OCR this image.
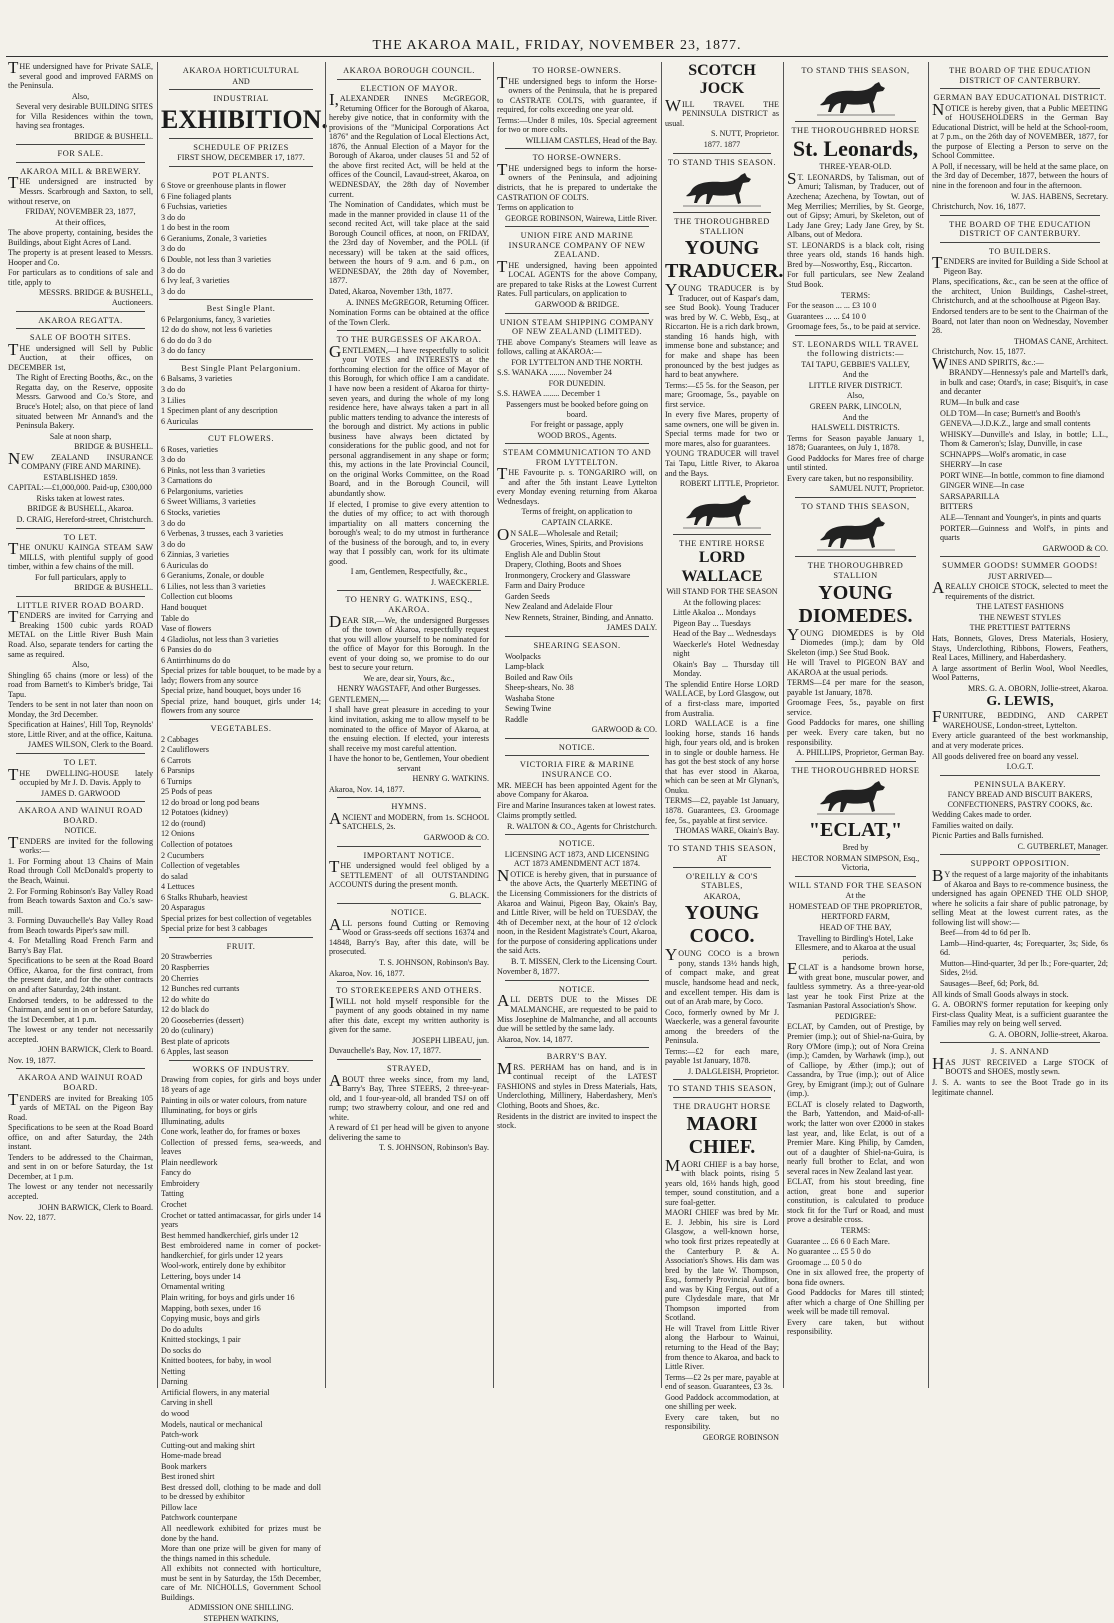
THE AKAROA MAIL, FRIDAY, NOVEMBER 23, 1877.

THE undersigned have for Private SALE, several good and improved FARMS on the Peninsula.

Also,

Several very desirable BUILDING SITES for Villa Residences within the town, having sea frontages.

BRIDGE & BUSHELL.

FOR SALE.

AKAROA MILL & BREWERY.

THE undersigned are instructed by Messrs. Scarbrough and Saxton, to sell, without reserve, on

FRIDAY, NOVEMBER 23, 1877,

At their offices,

The above property, containing, besides the Buildings, about Eight Acres of Land.

The property is at present leased to Messrs. Hooper and Co.

For particulars as to conditions of sale and title, apply to

MESSRS. BRIDGE & BUSHELL, Auctioneers.

AKAROA REGATTA.

SALE OF BOOTH SITES.

THE undersigned will Sell by Public Auction, at their offices, on DECEMBER 1st,

The Right of Erecting Booths, &c., on the Regatta day, on the Reserve, opposite Messrs. Garwood and Co.'s Store, and Bruce's Hotel; also, on that piece of land situated between Mr Annand's and the Peninsula Bakery.

Sale at noon sharp,

BRIDGE & BUSHELL.

NEW ZEALAND INSURANCE COMPANY (FIRE AND MARINE).

ESTABLISHED 1859.

CAPITAL:—£1,000,000. Paid-up, £300,000

Risks taken at lowest rates.

BRIDGE & BUSHELL, Akaroa.

D. CRAIG, Hereford-street, Christchurch.

TO LET.

THE ONUKU KAINGA STEAM SAW MILLS, with plentiful supply of good timber, within a few chains of the mill.

For full particulars, apply to

BRIDGE & BUSHELL.

LITTLE RIVER ROAD BOARD.

TENDERS are invited for Carrying and Breaking 1500 cubic yards ROAD METAL on the Little River Bush Main Road. Also, separate tenders for carting the same as required.

Also,

Shingling 65 chains (more or less) of the road from Barnett's to Kimber's bridge, Tai Tapu.

Tenders to be sent in not later than noon on Monday, the 3rd December.

Specification at Haines', Hill Top, Reynolds' store, Little River, and at the office, Kaituna.

JAMES WILSON, Clerk to the Board.

TO LET.

THE DWELLING-HOUSE lately occupied by Mr J. D. Davis. Apply to

JAMES D. GARWOOD

AKAROA AND WAINUI ROAD BOARD.

NOTICE.

TENDERS are invited for the following works:—

1. For Forming about 13 Chains of Main Road through Coll McDonald's property to the Beach, Wainui.

2. For Forming Robinson's Bay Valley Road from Beach towards Saxton and Co.'s saw-mill.

3. Forming Duvauchelle's Bay Valley Road from Beach towards Piper's saw mill.

4. For Metalling Road French Farm and Barry's Bay Flat.

Specifications to be seen at the Road Board Office, Akaroa, for the first contract, from the present date, and for the other contracts on and after Saturday, 24th instant.

Endorsed tenders, to be addressed to the Chairman, and sent in on or before Saturday, the 1st December, at 1 p.m.

The lowest or any tender not necessarily accepted.

JOHN BARWICK, Clerk to Board.

Nov. 19, 1877.

AKAROA AND WAINUI ROAD BOARD.

TENDERS are invited for Breaking 105 yards of METAL on the Pigeon Bay Road.

Specifications to be seen at the Road Board office, on and after Saturday, the 24th instant.

Tenders to be addressed to the Chairman, and sent in on or before Saturday, the 1st December, at 1 p.m.

The lowest or any tender not necessarily accepted.

JOHN BARWICK, Clerk to Board.

Nov. 22, 1877.

AKAROA HORTICULTURAL

AND

INDUSTRIAL

EXHIBITION.

SCHEDULE OF PRIZES

FIRST SHOW, DECEMBER 17, 1877.

POT PLANTS.

6 Stove or greenhouse plants in flower

6 Fine foliaged plants

6 Fuchsias, varieties

3 do do

1 do best in the room

6 Geraniums, Zonale, 3 varieties

3 do do

6 Double, not less than 3 varieties

3 do do

6 Ivy leaf, 3 varieties

3 do do

Best Single Plant.

6 Pelargoniums, fancy, 3 varieties

12 do do show, not less 6 varieties

6 do do do 3 do

3 do do fancy

Best Single Plant Pelargonium.

6 Balsams, 3 varieties

3 do do

3 Lilies

1 Specimen plant of any description

6 Auriculas

CUT FLOWERS.

6 Roses, varieties

3 do do

6 Pinks, not less than 3 varieties

3 Carnations do

6 Pelargoniums, varieties

6 Sweet Williams, 3 varieties

6 Stocks, varieties

3 do do

6 Verbenas, 3 trusses, each 3 varieties

3 do do

6 Zinnias, 3 varieties

6 Auriculas do

6 Geraniums, Zonale, or double

6 Lilies, not less than 3 varieties

Collection cut blooms

Hand bouquet

Table do

Vase of flowers

4 Gladiolus, not less than 3 varieties

6 Pansies do do

6 Antirrhinums do do

Special prizes for table bouquet, to be made by a lady; flowers from any source

Special prize, hand bouquet, boys under 16

Special prize, hand bouquet, girls under 14; flowers from any source

VEGETABLES.

2 Cabbages

2 Cauliflowers

6 Carrots

6 Parsnips

6 Turnips

25 Pods of peas

12 do broad or long pod beans

12 Potatoes (kidney)

12 do (round)

12 Onions

Collection of potatoes

2 Cucumbers

Collection of vegetables

do salad

4 Lettuces

6 Stalks Rhubarb, heaviest

20 Asparagus

Special prizes for best collection of vegetables

Special prize for best 3 cabbages

FRUIT.

20 Strawberries

20 Raspberries

20 Cherries

12 Bunches red currants

12 do white do

12 do black do

20 Gooseberries (dessert)

20 do (culinary)

Best plate of apricots

6 Apples, last season

WORKS OF INDUSTRY.

Drawing from copies, for girls and boys under 18 years of age

Painting in oils or water colours, from nature

Illuminating, for boys or girls

Illuminating, adults

Cone work, leather do, for frames or boxes

Collection of pressed ferns, sea-weeds, and leaves

Plain needlework

Fancy do

Embroidery

Tatting

Crochet

Crochet or tatted antimacassar, for girls under 14 years

Best hemmed handkerchief, girls under 12

Best embroidered name in corner of pocket-handkerchief, for girls under 12 years

Wool-work, entirely done by exhibitor

Lettering, boys under 14

Ornamental writing

Plain writing, for boys and girls under 16

Mapping, both sexes, under 16

Copying music, boys and girls

Do do adults

Knitted stockings, 1 pair

Do socks do

Knitted bootees, for baby, in wool

Netting

Darning

Artificial flowers, in any material

Carving in shell

do wood

Models, nautical or mechanical

Patch-work

Cutting-out and making shirt

Home-made bread

Book markers

Best ironed shirt

Best dressed doll, clothing to be made and doll to be dressed by exhibitor

Pillow lace

Patchwork counterpane

All needlework exhibited for prizes must be done by the hand.

More than one prize will be given for many of the things named in this schedule.

All exhibits not connected with horticulture, must be sent in by Saturday, the 15th December, care of Mr. NICHOLLS, Government School Buildings.

ADMISSION ONE SHILLING.

STEPHEN WATKINS,

AKAROA BOROUGH COUNCIL.

ELECTION OF MAYOR.

I,ALEXANDER INNES McGREGOR, Returning Officer for the Borough of Akaroa, hereby give notice, that in conformity with the provisions of the "Municipal Corporations Act 1876" and the Regulation of Local Elections Act, 1876, the Annual Election of a Mayor for the Borough of Akaroa, under clauses 51 and 52 of the above first recited Act, will be held at the offices of the Council, Lavaud-street, Akaroa, on WEDNESDAY, the 28th day of November current.

The Nomination of Candidates, which must be made in the manner provided in clause 11 of the second recited Act, will take place at the said Borough Council offices, at noon, on FRIDAY, the 23rd day of November, and the POLL (if necessary) will be taken at the said offices, between the hours of 9 a.m. and 6 p.m., on WEDNESDAY, the 28th day of November, 1877.

Dated, Akaroa, November 13th, 1877.

A. INNES McGREGOR, Returning Officer.

Nomination Forms can be obtained at the office of the Town Clerk.

TO THE BURGESSES OF AKAROA.

GENTLEMEN,—I have respectfully to solicit your VOTES and INTERESTS at the forthcoming election for the office of Mayor of this Borough, for which office I am a candidate. I have now been a resident of Akaroa for thirty-seven years, and during the whole of my long residence here, have always taken a part in all public matters tending to advance the interests of the borough and district. My actions in public business have always been dictated by considerations for the public good, and not for personal aggrandisement in any shape or form; this, my actions in the late Provincial Council, on the original Works Committee, on the Road Board, and in the Borough Council, will abundantly show.

If elected, I promise to give every attention to the duties of my office; to act with thorough impartiality on all matters concerning the borough's weal; to do my utmost in furtherance of the business of the borough, and to, in every way that I possibly can, work for its ultimate good.

I am, Gentlemen, Respectfully, &c.,

J. WAECKERLE.

TO HENRY G. WATKINS, ESQ., AKAROA.

DEAR SIR,—We, the undersigned Burgesses of the town of Akaroa, respectfully request that you will allow yourself to be nominated for the office of Mayor for this Borough. In the event of your doing so, we promise to do our best to secure your return.

We are, dear sir, Yours, &c.,

HENRY WAGSTAFF, And other Burgesses.

GENTLEMEN,—

I shall have great pleasure in acceding to your kind invitation, asking me to allow myself to be nominated to the office of Mayor of Akaroa, at the ensuing election. If elected, your interests shall receive my most careful attention.

I have the honor to be, Gentlemen, Your obedient servant

HENRY G. WATKINS.

Akaroa, Nov. 14, 1877.

HYMNS.

ANCIENT and MODERN, from 1s. SCHOOL SATCHELS, 2s.

GARWOOD & CO.

IMPORTANT NOTICE.

THE undersigned would feel obliged by a SETTLEMENT of all OUTSTANDING ACCOUNTS during the present month.

G. BLACK.

NOTICE.

ALL persons found Cutting or Removing Wood or Grass-seeds off sections 16374 and 14848, Barry's Bay, after this date, will be prosecuted.

T. S. JOHNSON, Robinson's Bay.

Akaroa, Nov. 16, 1877.

TO STOREKEEPERS AND OTHERS.

IWILL not hold myself responsible for the payment of any goods obtained in my name after this date, except my written authority is given for the same.

JOSEPH LIBEAU, jun.

Duvauchelle's Bay, Nov. 17, 1877.

STRAYED,

ABOUT three weeks since, from my land, Barry's Bay, Three STEERS, 2 three-year-old, and 1 four-year-old, all branded TSJ on off rump; two strawberry colour, and one red and white.

A reward of £1 per head will be given to anyone delivering the same to

T. S. JOHNSON, Robinson's Bay.

TO HORSE-OWNERS.

THE undersigned begs to inform the Horse-owners of the Peninsula, that he is prepared to CASTRATE COLTS, with guarantee, if required, for colts exceeding one year old.

Terms:—Under 8 miles, 10s. Special agreement for two or more colts.

WILLIAM CASTLES, Head of the Bay.

TO HORSE-OWNERS.

THE undersigned begs to inform the horse-owners of the Peninsula, and adjoining districts, that he is prepared to undertake the CASTRATION OF COLTS.

Terms on application to

GEORGE ROBINSON, Wairewa, Little River.

UNION FIRE AND MARINE INSURANCE COMPANY OF NEW ZEALAND.

THE undersigned, having been appointed LOCAL AGENTS for the above Company, are prepared to take Risks at the Lowest Current Rates. Full particulars, on application to

GARWOOD & BRIDGE.

UNION STEAM SHIPPING COMPANY OF NEW ZEALAND (LIMITED).

THE above Company's Steamers will leave as follows, calling at AKAROA:—

FOR LYTTELTON AND THE NORTH.

S.S. WANAKA ........ November 24

FOR DUNEDIN.

S.S. HAWEA ........ December 1

Passengers must be booked before going on board.

For freight or passage, apply

WOOD BROS., Agents.

STEAM COMMUNICATION TO AND FROM LYTTELTON.

THE Favourite p. s. TONGARIRO will, on and after the 5th instant Leave Lyttelton every Monday evening returning from Akaroa Wednesdays.

Terms of freight, on application to

CAPTAIN CLARKE.

ON SALE—Wholesale and Retail;

Groceries, Wines, Spirits, and Provisions

English Ale and Dublin Stout

Drapery, Clothing, Boots and Shoes

Ironmongery, Crockery and Glassware

Farm and Dairy Produce

Garden Seeds

New Zealand and Adelaide Flour

New Rennets, Strainer, Binding, and Annatto.

JAMES DALY.

SHEARING SEASON.

Woolpacks

Lamp-black

Boiled and Raw Oils

Sheep-shears, No. 38

Washaba Stone

Sewing Twine

Raddle

GARWOOD & CO.

NOTICE.

VICTORIA FIRE & MARINE INSURANCE CO.

MR. MEECH has been appointed Agent for the above Company for Akaroa.

Fire and Marine Insurances taken at lowest rates.

Claims promptly settled.

R. WALTON & CO., Agents for Christchurch.

NOTICE.

LICENSING ACT 1873, AND LICENSING ACT 1873 AMENDMENT ACT 1874.

NOTICE is hereby given, that in pursuance of the above Acts, the Quarterly MEETING of the Licensing Commissioners for the districts of Akaroa and Wainui, Pigeon Bay, Okain's Bay, and Little River, will be held on TUESDAY, the 4th of December next, at the hour of 12 o'clock noon, in the Resident Magistrate's Court, Akaroa, for the purpose of considering applications under the said Acts.

B. T. MISSEN, Clerk to the Licensing Court.

November 8, 1877.

NOTICE.

ALL DEBTS DUE to the Misses DE MALMANCHE, are requested to be paid to Miss Josephine de Malmanche, and all accounts due will be settled by the same lady.

Akaroa, Nov. 14, 1877.

BARRY'S BAY.

MRS. PERHAM has on hand, and is in continual receipt of the LATEST FASHIONS and styles in Dress Materials, Hats, Underclothing, Millinery, Haberdashery, Men's Clothing, Boots and Shoes, &c.

Residents in the district are invited to inspect the stock.

SCOTCH JOCK

WILL TRAVEL THE PENINSULA DISTRICT as usual.

S. NUTT, Proprietor.

1877. 1877

TO STAND THIS SEASON.

THE THOROUGHBRED STALLION

YOUNG TRADUCER.

YOUNG TRADUCER is by Traducer, out of Kaspar's dam, see Stud Book). Young Traducer was bred by W. C. Webb, Esq., at Riccarton. He is a rich dark brown, standing 16 hands high, with immense bone and substance; and for make and shape has been pronounced by the best judges as hard to beat anywhere.

Terms:—£5 5s. for the Season, per mare; Groomage, 5s., payable on first service.

In every five Mares, property of same owners, one will be given in. Special terms made for two or more mares, also for guarantees.

YOUNG TRADUCER will travel Tai Tapu, Little River, to Akaroa and the Bays.

ROBERT LITTLE, Proprietor.

THE ENTIRE HORSE

LORD WALLACE

Will STAND FOR THE SEASON

At the following places:

Little Akaloa ... Mondays

Pigeon Bay ... Tuesdays

Head of the Bay ... Wednesdays

Waeckerle's Hotel Wednesday night

Okain's Bay ... Thursday till Monday.

The splendid Entire Horse LORD WALLACE, by Lord Glasgow, out of a first-class mare, imported from Australia.

LORD WALLACE is a fine looking horse, stands 16 hands high, four years old, and is broken in to single or double harness. He has got the best stock of any horse that has ever stood in Akaroa, which can be seen at Mr Glynan's, Onuku.

TERMS—£2, payable 1st January, 1878. Guarantees, £3. Groomage fee, 5s., payable at first service.

THOMAS WARE, Okain's Bay.

TO STAND THIS SEASON,

AT

O'REILLY & CO'S STABLES,

AKAROA,

YOUNG COCO.

YOUNG COCO is a brown pony, stands 13½ hands high, of compact make, and great muscle, handsome head and neck, and excellent temper. His dam is out of an Arab mare, by Coco.

Coco, formerly owned by Mr J. Waeckerle, was a general favourite among the breeders of the Peninsula.

Terms:—£2 for each mare, payable 1st January, 1878.

J. DALGLEISH, Proprietor.

TO STAND THIS SEASON,

THE DRAUGHT HORSE

MAORI CHIEF.

MAORI CHIEF is a bay horse, with black points, rising 5 years old, 16½ hands high, good temper, sound constitution, and a sure foal-getter.

MAORI CHIEF was bred by Mr. E. J. Jebbin, his sire is Lord Glasgow, a well-known horse, who took first prizes repeatedly at the Canterbury P. & A. Association's Shows. His dam was bred by the late W. Thompson, Esq., formerly Provincial Auditor, and was by King Fergus, out of a pure Clydesdale mare, that Mr Thompson imported from Scotland.

He will Travel from Little River along the Harbour to Wainui, returning to the Head of the Bay; from thence to Akaroa, and back to Little River.

Terms—£2 2s per mare, payable at end of season. Guarantees, £3 3s.

Good Paddock accommodation, at one shilling per week.

Every care taken, but no responsibility.

GEORGE ROBINSON

TO STAND THIS SEASON,

THE THOROUGHBRED HORSE

St. Leonards,

THREE-YEAR-OLD.

ST. LEONARDS, by Talisman, out of Amuri; Talisman, by Traducer, out of Azechena; Azechena, by Towtan, out of Meg Merrilies; Merrilies, by St. George, out of Gipsy; Amuri, by Skeleton, out of Lady Jane Grey; Lady Jane Grey, by St. Albans, out of Medora.

ST. LEONARDS is a black colt, rising three years old, stands 16 hands high. Bred by—Nosworthy, Esq., Riccarton.

For full particulars, see New Zealand Stud Book.

TERMS:

For the season ... ... £3 10 0

Guarantees ... ... £4 10 0

Groomage fees, 5s., to be paid at service.

ST. LEONARDS WILL TRAVEL the following districts:—

TAI TAPU, GEBBIE'S VALLEY,

And the

LITTLE RIVER DISTRICT.

Also,

GREEN PARK, LINCOLN,

And the

HALSWELL DISTRICTS.

Terms for Season payable January 1, 1878; Guarantees, on July 1, 1878.

Good Paddocks for Mares free of charge until stinted.

Every care taken, but no responsibility.

SAMUEL NUTT, Proprietor.

TO STAND THIS SEASON,

THE THOROUGHBRED STALLION

YOUNG DIOMEDES.

YOUNG DIOMEDES is by Old Diomedes (imp.); dam by Old Skeleton (imp.) See Stud Book.

He will Travel to PIGEON BAY and AKAROA at the usual periods.

TERMS—£4 per mare for the season, payable 1st January, 1878.

Groomage Fees, 5s., payable on first service.

Good Paddocks for mares, one shilling per week. Every care taken, but no responsibility.

A. PHILLIPS, Proprietor, German Bay.

THE THOROUGHBRED HORSE

"ECLAT,"

Bred by

HECTOR NORMAN SIMPSON, Esq., Victoria,

WILL STAND FOR THE SEASON

At the

HOMESTEAD OF THE PROPRIETOR,

HERTFORD FARM,

HEAD OF THE BAY,

Travelling to Birdling's Hotel, Lake Ellesmere, and to Akaroa at the usual periods.

ECLAT is a handsome brown horse, with great bone, muscular power, and faultless symmetry. As a three-year-old last year he took First Prize at the Tasmanian Pastoral Association's Show.

PEDIGREE:

ECLAT, by Camden, out of Prestige, by Premier (imp.); out of Shiel-na-Guira, by Rory O'More (imp.); out of Nora Creina (imp.); Camden, by Warhawk (imp.), out of Calliope, by Æther (imp.); out of Cassandra, by True (imp.); out of Alice Grey, by Emigrant (imp.); out of Gulnare (imp.).

ECLAT is closely related to Dagworth, the Barb, Yattendon, and Maid-of-all-work; the latter won over £2000 in stakes last year, and, like Eclat, is out of a Premier Mare. King Philip, by Camden, out of a daughter of Shiel-na-Guira, is nearly full brother to Eclat, and won several races in New Zealand last year.

ECLAT, from his stout breeding, fine action, great bone and superior constitution, is calculated to produce stock fit for the Turf or Road, and must prove a desirable cross.

TERMS:

Guarantee ... £6 6 0 Each Mare.

No guarantee ... £5 5 0 do

Groomage ... £0 5 0 do

One in six allowed free, the property of bona fide owners.

Good Paddocks for Mares till stinted; after which a charge of One Shilling per week will be made till removal.

Every care taken, but without responsibility.

THE BOARD OF THE EDUCATION DISTRICT OF CANTERBURY.

GERMAN BAY EDUCATIONAL DISTRICT.

NOTICE is hereby given, that a Public MEETING of HOUSEHOLDERS in the German Bay Educational District, will be held at the School-room, at 7 p.m., on the 26th day of NOVEMBER, 1877, for the purpose of Electing a Person to serve on the School Committee.

A Poll, if necessary, will be held at the same place, on the 3rd day of December, 1877, between the hours of nine in the forenoon and four in the afternoon.

W. JAS. HABENS, Secretary.

Christchurch, Nov. 16, 1877.

THE BOARD OF THE EDUCATION DISTRICT OF CANTERBURY.

TO BUILDERS.

TENDERS are invited for Building a Side School at Pigeon Bay.

Plans, specifications, &c., can be seen at the office of the architect, Union Buildings, Cashel-street, Christchurch, and at the schoolhouse at Pigeon Bay.

Endorsed tenders are to be sent to the Chairman of the Board, not later than noon on Wednesday, November 28.

THOMAS CANE, Architect.

Christchurch, Nov. 15, 1877.

WINES AND SPIRITS, &c.:—

BRANDY—Hennessy's pale and Martell's dark, in bulk and case; Otard's, in case; Bisquit's, in case and decanter

RUM—In bulk and case

OLD TOM—In case; Burnett's and Booth's

GENEVA—J.D.K.Z., large and small contents

WHISKY—Dunville's and Islay, in bottle; L.L., Thom & Cameron's; Islay, Dunville, in case

SCHNAPPS—Wolf's aromatic, in case

SHERRY—In case

PORT WINE—In bottle, common to fine diamond

GINGER WINE—In case

SARSAPARILLA

BITTERS

ALE—Tennant and Younger's, in pints and quarts

PORTER—Guinness and Wolf's, in pints and quarts

GARWOOD & CO.

SUMMER GOODS! SUMMER GOODS!

JUST ARRIVED—

AREALLY CHOICE STOCK, selected to meet the requirements of the district.

THE LATEST FASHIONS

THE NEWEST STYLES

THE PRETTIEST PATTERNS

Hats, Bonnets, Gloves, Dress Materials, Hosiery, Stays, Underclothing, Ribbons, Flowers, Feathers, Real Laces, Millinery, and Haberdashery.

A large assortment of Berlin Wool, Wool Needles, Wool Patterns,

MRS. G. A. OBORN, Jollie-street, Akaroa.

G. LEWIS,

FURNITURE, BEDDING, AND CARPET WAREHOUSE, London-street, Lyttelton.

Every article guaranteed of the best workmanship, and at very moderate prices.

All goods delivered free on board any vessel.

I.O.G.T.

PENINSULA BAKERY.

FANCY BREAD AND BISCUIT BAKERS, CONFECTIONERS, PASTRY COOKS, &c.

Wedding Cakes made to order.

Families waited on daily.

Picnic Parties and Balls furnished.

C. GUTBERLET, Manager.

SUPPORT OPPOSITION.

BY the request of a large majority of the inhabitants of Akaroa and Bays to re-commence business, the undersigned has again OPENED THE OLD SHOP, where he solicits a fair share of public patronage, by selling Meat at the lowest current rates, as the following list will show:—

Beef—from 4d to 6d per lb.

Lamb—Hind-quarter, 4s; Forequarter, 3s; Side, 6s 6d.

Mutton—Hind-quarter, 3d per lb.; Fore-quarter, 2d; Sides, 2½d.

Sausages—Beef, 6d; Pork, 8d.

All kinds of Small Goods always in stock.

G. A. OBORN'S former reputation for keeping only First-class Quality Meat, is a sufficient guarantee the Families may rely on being well served.

G. A. OBORN, Jollie-street, Akaroa.

J. S. ANNAND

HAS JUST RECEIVED a Large STOCK of BOOTS and SHOES, mostly sewn.

J. S. A. wants to see the Boot Trade go in its legitimate channel.
